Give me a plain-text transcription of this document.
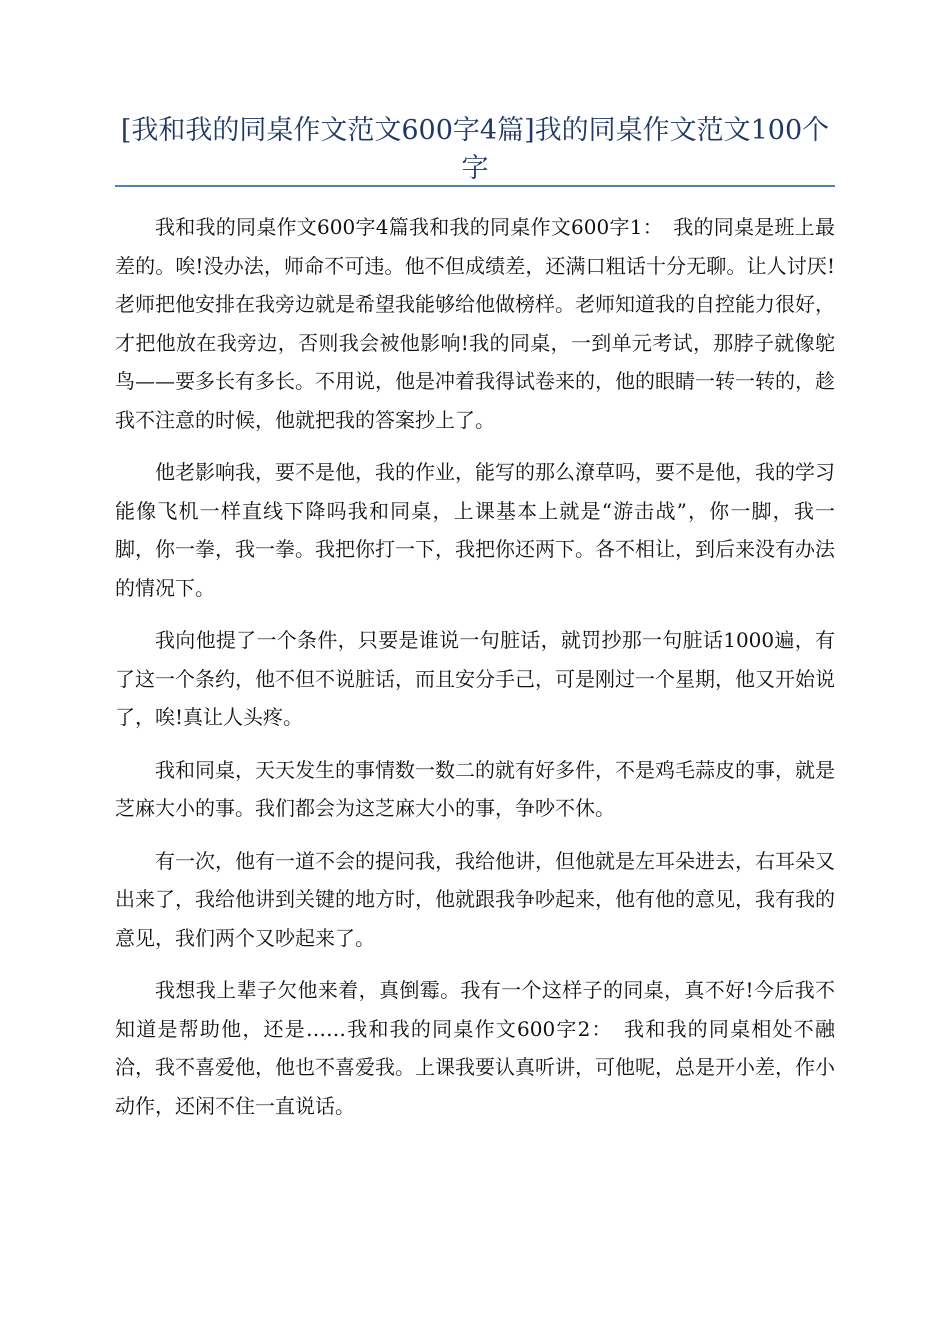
[我和我的同桌作文范文600字4篇]我的同桌作文范文100个字

我和我的同桌作文600字4篇我和我的同桌作文600字1：　我的同桌是班上最差的。唉!没办法，师命不可违。他不但成绩差，还满口粗话十分无聊。让人讨厌!老师把他安排在我旁边就是希望我能够给他做榜样。老师知道我的自控能力很好，才把他放在我旁边，否则我会被他影响!我的同桌，一到单元考试，那脖子就像鸵鸟——要多长有多长。不用说，他是冲着我得试卷来的，他的眼睛一转一转的，趁我不注意的时候，他就把我的答案抄上了。

他老影响我，要不是他，我的作业，能写的那么潦草吗，要不是他，我的学习能像飞机一样直线下降吗我和同桌，上课基本上就是“游击战”，你一脚，我一脚，你一拳，我一拳。我把你打一下，我把你还两下。各不相让，到后来没有办法的情况下。

我向他提了一个条件，只要是谁说一句脏话，就罚抄那一句脏话1000遍，有了这一个条约，他不但不说脏话，而且安分手己，可是刚过一个星期，他又开始说了，唉!真让人头疼。

我和同桌，天天发生的事情数一数二的就有好多件，不是鸡毛蒜皮的事，就是芝麻大小的事。我们都会为这芝麻大小的事，争吵不休。

有一次，他有一道不会的提问我，我给他讲，但他就是左耳朵进去，右耳朵又出来了，我给他讲到关键的地方时，他就跟我争吵起来，他有他的意见，我有我的意见，我们两个又吵起来了。

我想我上辈子欠他来着，真倒霉。我有一个这样子的同桌，真不好!今后我不知道是帮助他，还是……我和我的同桌作文600字2：　我和我的同桌相处不融洽，我不喜爱他，他也不喜爱我。上课我要认真听讲，可他呢，总是开小差，作小动作，还闲不住一直说话。
